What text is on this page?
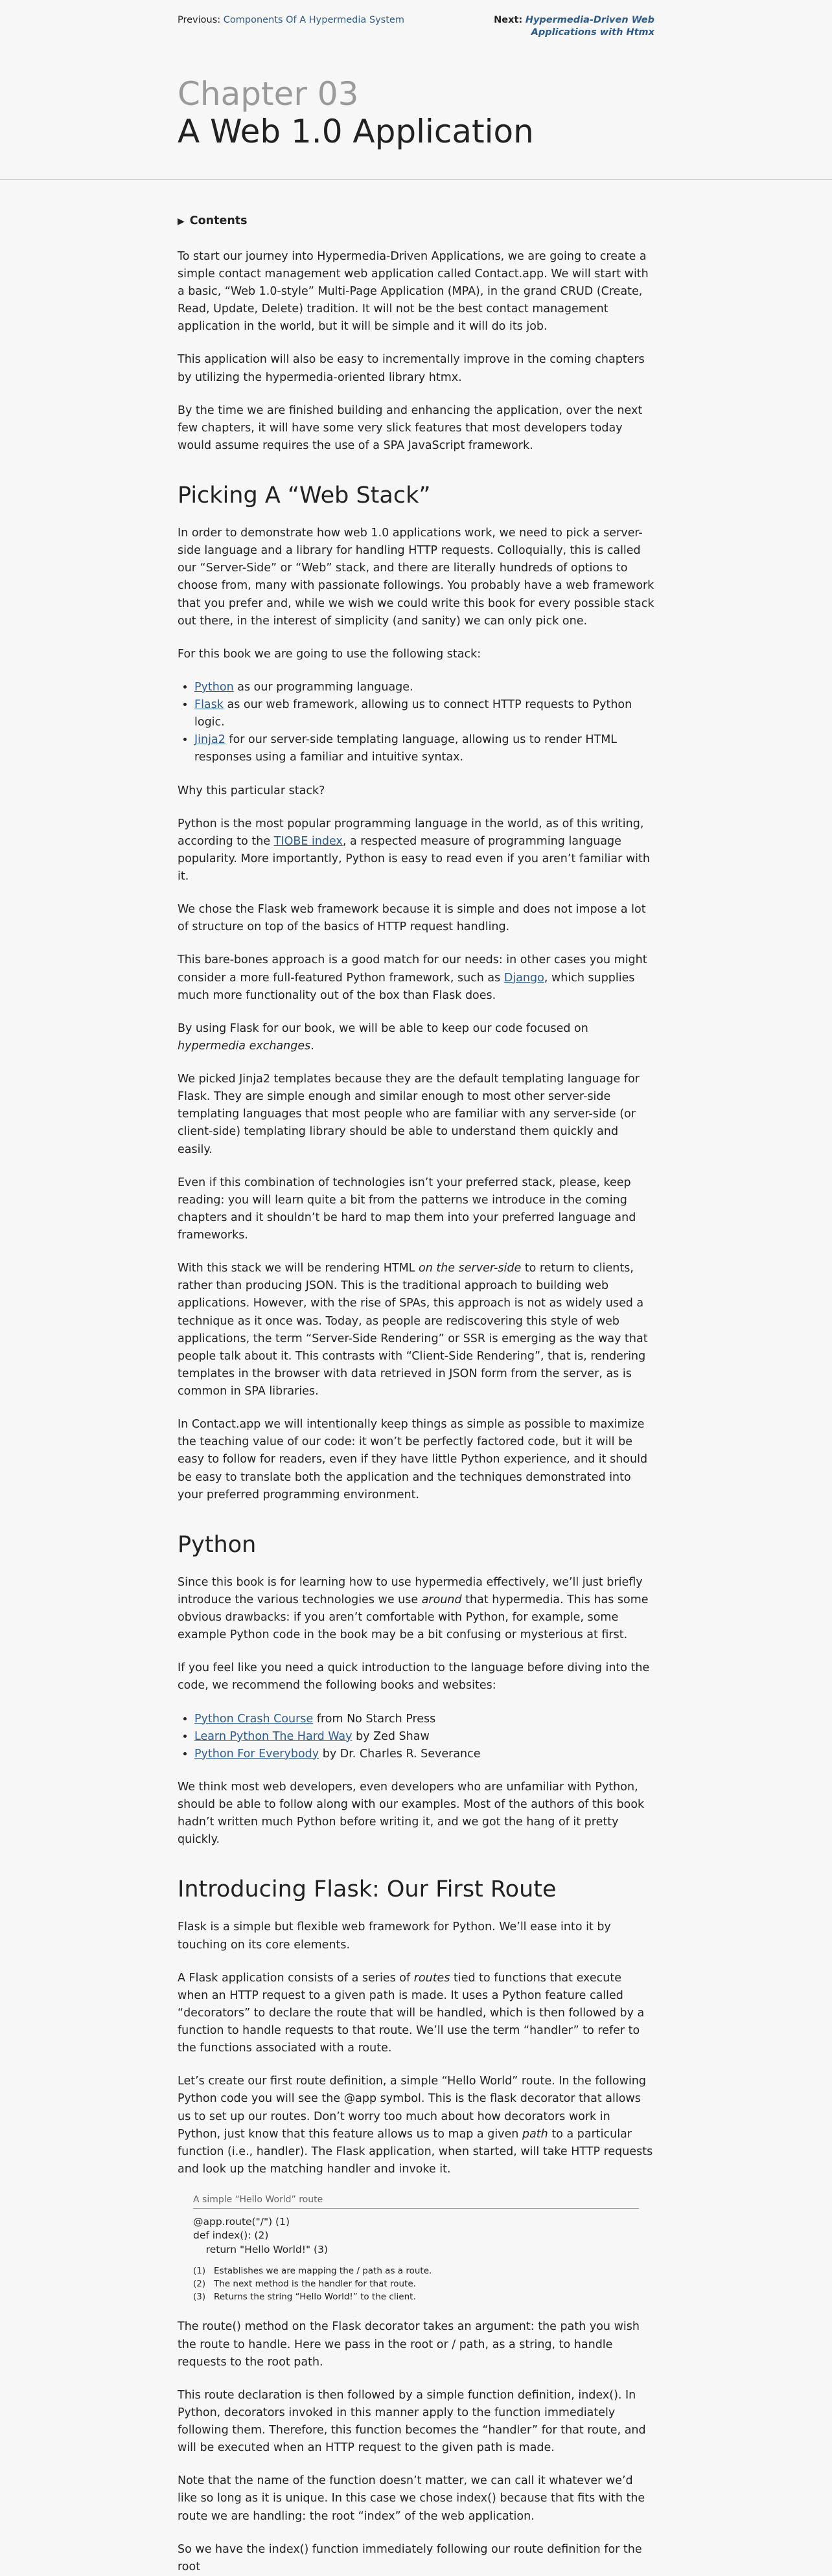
Previous: Components Of A Hypermedia System	Next: Hypermedia-Driven Web Applications with Htmx
Chapter 03
A Web 1.0 Application
▶ Contents

To start our journey into Hypermedia-Driven Applications, we are going to create a simple contact management web application called Contact.app. We will start with a basic, “Web 1.0-style” Multi-Page Application (MPA), in the grand CRUD (Create, Read, Update, Delete) tradition. It will not be the best contact management application in the world, but it will be simple and it will do its job.

This application will also be easy to incrementally improve in the coming chapters by utilizing the hypermedia-oriented library htmx.

By the time we are finished building and enhancing the application, over the next few chapters, it will have some very slick features that most developers today would assume requires the use of a SPA JavaScript framework.

Picking A “Web Stack”

In order to demonstrate how web 1.0 applications work, we need to pick a server-side language and a library for handling HTTP requests. Colloquially, this is called our “Server-Side” or “Web” stack, and there are literally hundreds of options to choose from, many with passionate followings. You probably have a web framework that you prefer and, while we wish we could write this book for every possible stack out there, in the interest of simplicity (and sanity) we can only pick one.

For this book we are going to use the following stack:

• Python as our programming language.
• Flask as our web framework, allowing us to connect HTTP requests to Python logic.
• Jinja2 for our server-side templating language, allowing us to render HTML responses using a familiar and intuitive syntax.

Why this particular stack?

Python is the most popular programming language in the world, as of this writing, according to the TIOBE index, a respected measure of programming language popularity. More importantly, Python is easy to read even if you aren’t familiar with it.

We chose the Flask web framework because it is simple and does not impose a lot of structure on top of the basics of HTTP request handling.

This bare-bones approach is a good match for our needs: in other cases you might consider a more full-featured Python framework, such as Django, which supplies much more functionality out of the box than Flask does.

By using Flask for our book, we will be able to keep our code focused on hypermedia exchanges.

We picked Jinja2 templates because they are the default templating language for Flask. They are simple enough and similar enough to most other server-side templating languages that most people who are familiar with any server-side (or client-side) templating library should be able to understand them quickly and easily.

Even if this combination of technologies isn’t your preferred stack, please, keep reading: you will learn quite a bit from the patterns we introduce in the coming chapters and it shouldn’t be hard to map them into your preferred language and frameworks.

With this stack we will be rendering HTML on the server-side to return to clients, rather than producing JSON. This is the traditional approach to building web applications. However, with the rise of SPAs, this approach is not as widely used a technique as it once was. Today, as people are rediscovering this style of web applications, the term “Server-Side Rendering” or SSR is emerging as the way that people talk about it. This contrasts with “Client-Side Rendering”, that is, rendering templates in the browser with data retrieved in JSON form from the server, as is common in SPA libraries.

In Contact.app we will intentionally keep things as simple as possible to maximize the teaching value of our code: it won’t be perfectly factored code, but it will be easy to follow for readers, even if they have little Python experience, and it should be easy to translate both the application and the techniques demonstrated into your preferred programming environment.

Python

Since this book is for learning how to use hypermedia effectively, we’ll just briefly introduce the various technologies we use around that hypermedia. This has some obvious drawbacks: if you aren’t comfortable with Python, for example, some example Python code in the book may be a bit confusing or mysterious at first.

If you feel like you need a quick introduction to the language before diving into the code, we recommend the following books and websites:

• Python Crash Course from No Starch Press
• Learn Python The Hard Way by Zed Shaw
• Python For Everybody by Dr. Charles R. Severance

We think most web developers, even developers who are unfamiliar with Python, should be able to follow along with our examples. Most of the authors of this book hadn’t written much Python before writing it, and we got the hang of it pretty quickly.

Introducing Flask: Our First Route

Flask is a simple but flexible web framework for Python. We’ll ease into it by touching on its core elements.

A Flask application consists of a series of routes tied to functions that execute when an HTTP request to a given path is made. It uses a Python feature called “decorators” to declare the route that will be handled, which is then followed by a function to handle requests to that route. We’ll use the term “handler” to refer to the functions associated with a route.

Let’s create our first route definition, a simple “Hello World” route. In the following Python code you will see the @app symbol. This is the flask decorator that allows us to set up our routes. Don’t worry too much about how decorators work in Python, just know that this feature allows us to map a given path to a particular function (i.e., handler). The Flask application, when started, will take HTTP requests and look up the matching handler and invoke it.

A simple “Hello World” route
@app.route("/") (1)
def index(): (2)
return "Hello World!" (3)
(1) Establishes we are mapping the / path as a route.
(2) The next method is the handler for that route.
(3) Returns the string “Hello World!” to the client.

The route() method on the Flask decorator takes an argument: the path you wish the route to handle. Here we pass in the root or / path, as a string, to handle requests to the root path.

This route declaration is then followed by a simple function definition, index(). In Python, decorators invoked in this manner apply to the function immediately following them. Therefore, this function becomes the “handler” for that route, and will be executed when an HTTP request to the given path is made.

Note that the name of the function doesn’t matter, we can call it whatever we’d like so long as it is unique. In this case we chose index() because that fits with the route we are handling: the root “index” of the web application.

So we have the index() function immediately following our route definition for the root
